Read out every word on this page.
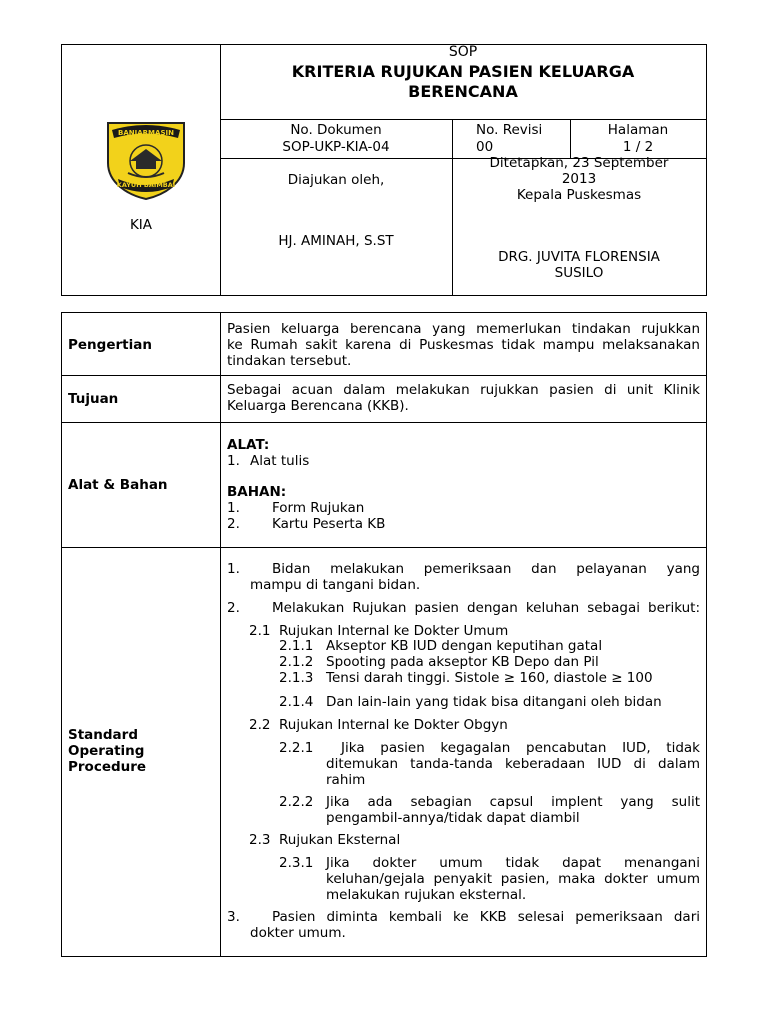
BANJARMASIN
KAYUH BAIMBAI
KIA
SOP
KRITERIA RUJUKAN PASIEN KELUARGA
BERENCANA
No. Dokumen
SOP-UKP-KIA-04
No. Revisi
00
Halaman
1 / 2
Diajukan oleh,
HJ. AMINAH, S.ST
Ditetapkan, 23 September
2013
Kepala Puskesmas
DRG. JUVITA FLORENSIA
SUSILO
Pengertian
Pasien keluarga berencana yang memerlukan tindakan rujukkan
ke Rumah sakit karena di Puskesmas tidak mampu melaksanakan
tindakan tersebut.
Tujuan
Sebagai acuan dalam melakukan rujukkan pasien di unit Klinik
Keluarga Berencana (KKB).
Alat & Bahan
ALAT:
1. Alat tulis
BAHAN:
1. Form Rujukan
2. Kartu Peserta KB
Standard
Operating
Procedure
1. Bidan melakukan pemeriksaan dan pelayanan yang
mampu di tangani bidan.
2. Melakukan Rujukan pasien dengan keluhan sebagai berikut:
2.1 Rujukan Internal ke Dokter Umum
2.1.1 Akseptor KB IUD dengan keputihan gatal
2.1.2 Spooting pada akseptor KB Depo dan Pil
2.1.3 Tensi darah tinggi. Sistole ≥ 160, diastole ≥ 100
2.1.4 Dan lain-lain yang tidak bisa ditangani oleh bidan
2.2 Rujukan Internal ke Dokter Obgyn
2.2.1 Jika pasien kegagalan pencabutan IUD, tidak
ditemukan tanda-tanda keberadaan IUD di dalam
rahim
2.2.2 Jika ada sebagian capsul implent yang sulit
pengambil-annya/tidak dapat diambil
2.3 Rujukan Eksternal
2.3.1 Jika dokter umum tidak dapat menangani
keluhan/gejala penyakit pasien, maka dokter umum
melakukan rujukan eksternal.
3. Pasien diminta kembali ke KKB selesai pemeriksaan dari
dokter umum.
